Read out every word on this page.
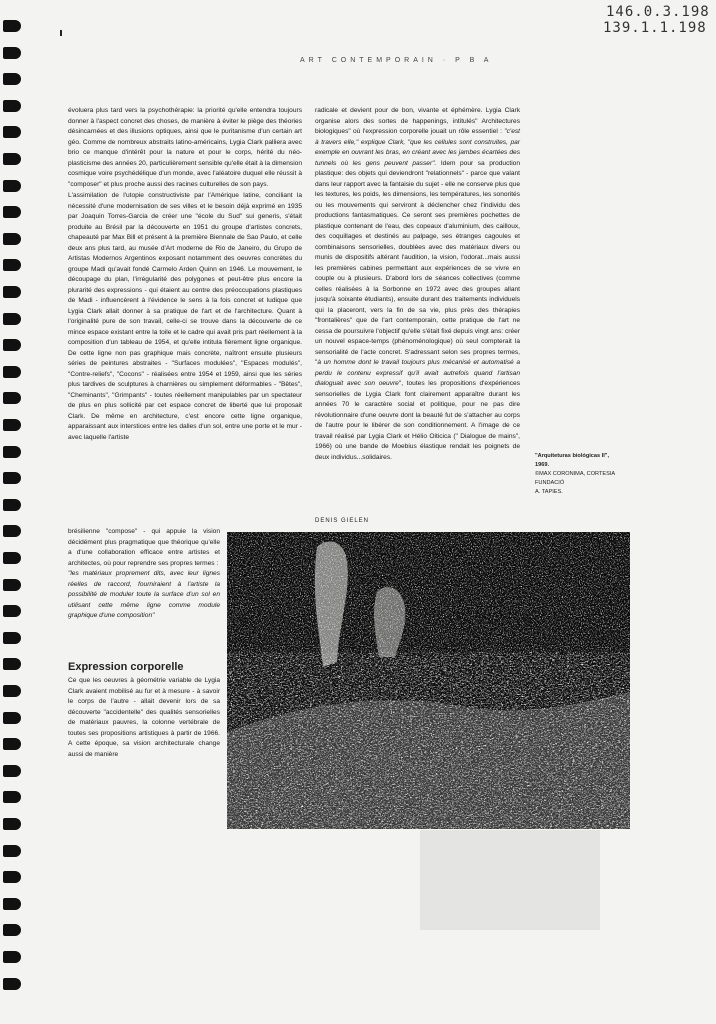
146.0.3.198
139.1.1.198
ART CONTEMPORAIN · P B A

évoluera plus tard vers la psychothérapie: la priorité qu'elle entendra toujours donner à l'aspect concret des choses, de manière à éviter le piège des théories désincarnées et des illusions optiques, ainsi que le puritanisme d'un certain art géo. Comme de nombreux abstraits latino-américains, Lygia Clark palliera avec brio ce manque d'intérêt pour la nature et pour le corps, hérité du néo-plasticisme des années 20, particulièrement sensible qu'elle était à la dimension cosmique voire psychédélique d'un monde, avec l'aléatoire duquel elle réussit à "composer" et plus proche aussi des racines culturelles de son pays.

L'assimilation de l'utopie constructiviste par l'Amérique latine, conciliant la nécessité d'une modernisation de ses villes et le besoin déjà exprimé en 1935 par Joaquin Torres-Garcia de créer une "école du Sud" sui generis, s'était produite au Brésil par la découverte en 1951 du groupe d'artistes concrets, chapeauté par Max Bill et présent à la première Biennale de Sao Paulo, et celle deux ans plus tard, au musée d'Art moderne de Rio de Janeiro, du Grupo de Artistas Modernos Argentinos exposant notamment des oeuvres concrètes du groupe Madi qu'avait fondé Carmelo Arden Quinn en 1946. Le mouvement, le découpage du plan, l'irrégularité des polygones et peut-être plus encore la plurarité des expressions - qui étaient au centre des préoccupations plastiques de Madi - influencèrent à l'évidence le sens à la fois concret et ludique que Lygia Clark allait donner à sa pratique de l'art et de l'architecture. Quant à l'originalité pure de son travail, celle-ci se trouve dans la découverte de ce mince espace existant entre la toile et le cadre qui avait pris part réellement à la composition d'un tableau de 1954, et qu'elle intitula fièrement ligne organique. De cette ligne non pas graphique mais concrète, naîtront ensuite plusieurs séries de peintures abstraites - "Surfaces modulées", "Espaces modulés", "Contre-reliefs", "Cocons" - réalisées entre 1954 et 1959, ainsi que les séries plus tardives de sculptures à charnières ou simplement déformables - "Bêtes", "Cheminants", "Grimpants" - toutes réellement manipulables par un spectateur de plus en plus sollicité par cet espace concret de liberté que lui proposait Clark. De même en architecture, c'est encore cette ligne organique, apparaissant aux interstices entre les dalles d'un sol, entre une porte et le mur - avec laquelle l'artiste

brésilienne "compose" - qui appuie la vision décidément plus pragmatique que théorique qu'elle a d'une collaboration efficace entre artistes et architectes, où pour reprendre ses propres termes :

"les matériaux proprement dits, avec leur lignes réelles de raccord, fourniraient à l'artiste la possibilité de moduler toute la surface d'un sol en utilisant cette même ligne comme module graphique d'une composition"

Expression corporelle

Ce que les oeuvres à géométrie variable de Lygia Clark avaient mobilisé au fur et à mesure - à savoir le corps de l'autre - allait devenir lors de sa découverte "accidentelle" des qualités sensorielles de matériaux pauvres, la colonne vertébrale de toutes ses propositions artistiques à partir de 1966. A cette époque, sa vision architecturale change aussi de manière

radicale et devient pour de bon, vivante et éphémère. Lygia Clark organise alors des sortes de happenings, intitulés" Architectures biologiques" où l'expression corporelle jouait un rôle essentiel : "c'est à travers elle," explique Clark, "que les cellules sont construites, par exemple en ouvrant les bras, en créant avec les jambes écartées des tunnels où les gens peuvent passer". Idem pour sa production plastique: des objets qui deviendront "relationnels" - parce que valant dans leur rapport avec la fantaisie du sujet - elle ne conserve plus que les textures, les poids, les dimensions, les températures, les sonorités ou les mouvements qui serviront à déclencher chez l'individu des productions fantasmatiques. Ce seront ses premières pochettes de plastique contenant de l'eau, des copeaux d'aluminium, des cailloux, des coquillages et destinés au palpage, ses étranges cagoules et combinaisons sensorielles, doublées avec des matériaux divers ou munis de dispositifs altérant l'audition, la vision, l'odorat...mais aussi les premières cabines permettant aux expériences de se vivre en couple ou à plusieurs. D'abord lors de séances collectives (comme celles réalisées à la Sorbonne en 1972 avec des groupes allant jusqu'à soixante étudiants), ensuite durant des traitements individuels qui la placeront, vers la fin de sa vie, plus près des thérapies "frontalières" que de l'art contemporain, cette pratique de l'art ne cessa de poursuivre l'objectif qu'elle s'était fixé depuis vingt ans: créer un nouvel espace-temps (phénoménologique) où seul compterait la sensorialité de l'acte concret. S'adressant selon ses propres termes, "à un homme dont le travail toujours plus mécanisé et automatisé a perdu le contenu expressif qu'il avait autrefois quand l'artisan dialoguait avec son oeuvre", toutes les propositions d'expériences sensorielles de Lygia Clark font clairement apparaître durant les années 70 le caractère social et politique, pour ne pas dire révolutionnaire d'une oeuvre dont la beauté fut de s'attacher au corps de l'autre pour le libérer de son conditionnement. A l'image de ce travail réalisé par Lygia Clark et Hélio Oiticica (" Dialogue de mains", 1966) où une bande de Moebius élastique rendait les poignets de deux individus...solidaires.

DENIS GIELEN
"Arquiteturas biológicas II",
1969.
©MAX CORONIMA, CORTESIA FUNDACIÓ
A. TAPIES.
